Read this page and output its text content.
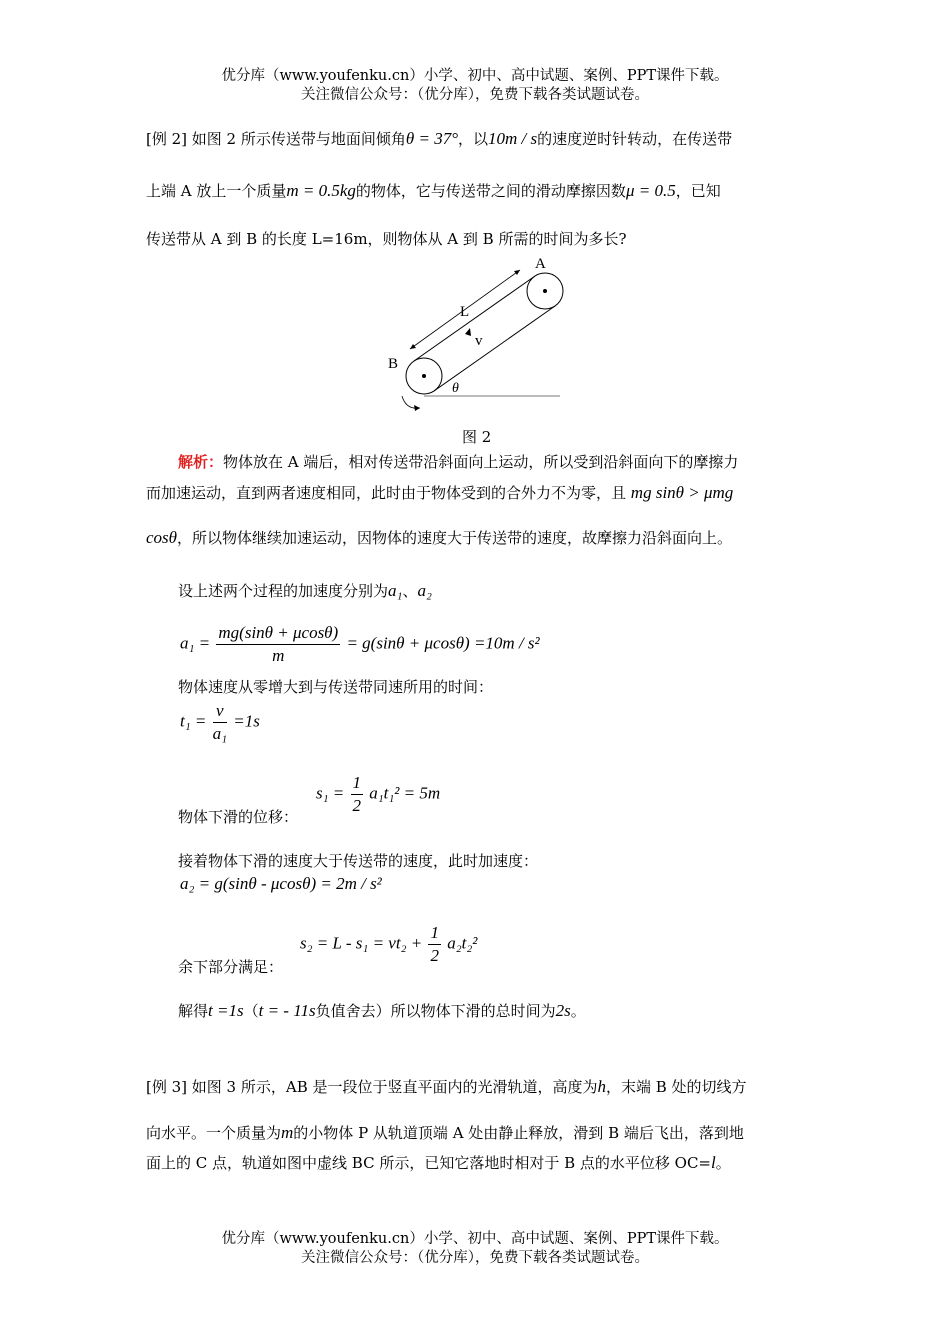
优分库（www.youfenku.cn）小学、初中、高中试题、案例、PPT课件下载。
关注微信公众号：（优分库），免费下载各类试题试卷。
[例 2] 如图 2 所示传送带与地面间倾角θ = 37°，以10m / s的速度逆时针转动，在传送带
上端 A 放上一个质量m = 0.5kg的物体，它与传送带之间的滑动摩擦因数μ = 0.5，已知
传送带从 A 到 B 的长度 L=16m，则物体从 A 到 B 所需的时间为多长?
A
B
L
v
θ
图 2
解析：物体放在 A 端后，相对传送带沿斜面向上运动，所以受到沿斜面向下的摩擦力
而加速运动，直到两者速度相同，此时由于物体受到的合外力不为零，且 mg sinθ > μmg
cosθ，所以物体继续加速运动，因物体的速度大于传送带的速度，故摩擦力沿斜面向上。
设上述两个过程的加速度分别为a₁、a₂
$a_1 = \frac{mg(\sin\theta + \mu\cos\theta)}{m} = g(\sin\theta + \mu\cos\theta) =10m / s^2$
物体速度从零增大到与传送带同速所用的时间：
$t_1 = \frac{v}{\text{a₁}} =1s$
物体下滑的位移：
$s_1 = \frac{1}{2} a_1t_1^2 = 5m$
接着物体下滑的速度大于传送带的速度，此时加速度：
a₂ = g(sinθ - μcosθ) = 2m / s²
余下部分满足：
$s_2 = L - s_1 = vt_2 + \frac{1}{2} a_2t_2^2$
解得t =1s（t = - 11s负值舍去）所以物体下滑的总时间为2s。
[例 3] 如图 3 所示，AB 是一段位于竖直平面内的光滑轨道，高度为h，末端 B 处的切线方
向水平。一个质量为m的小物体 P 从轨道顶端 A 处由静止释放，滑到 B 端后飞出，落到地
面上的 C 点，轨道如图中虚线 BC 所示，已知它落地时相对于 B 点的水平位移 OC=l。
优分库（www.youfenku.cn）小学、初中、高中试题、案例、PPT课件下载。
关注微信公众号：（优分库），免费下载各类试题试卷。
